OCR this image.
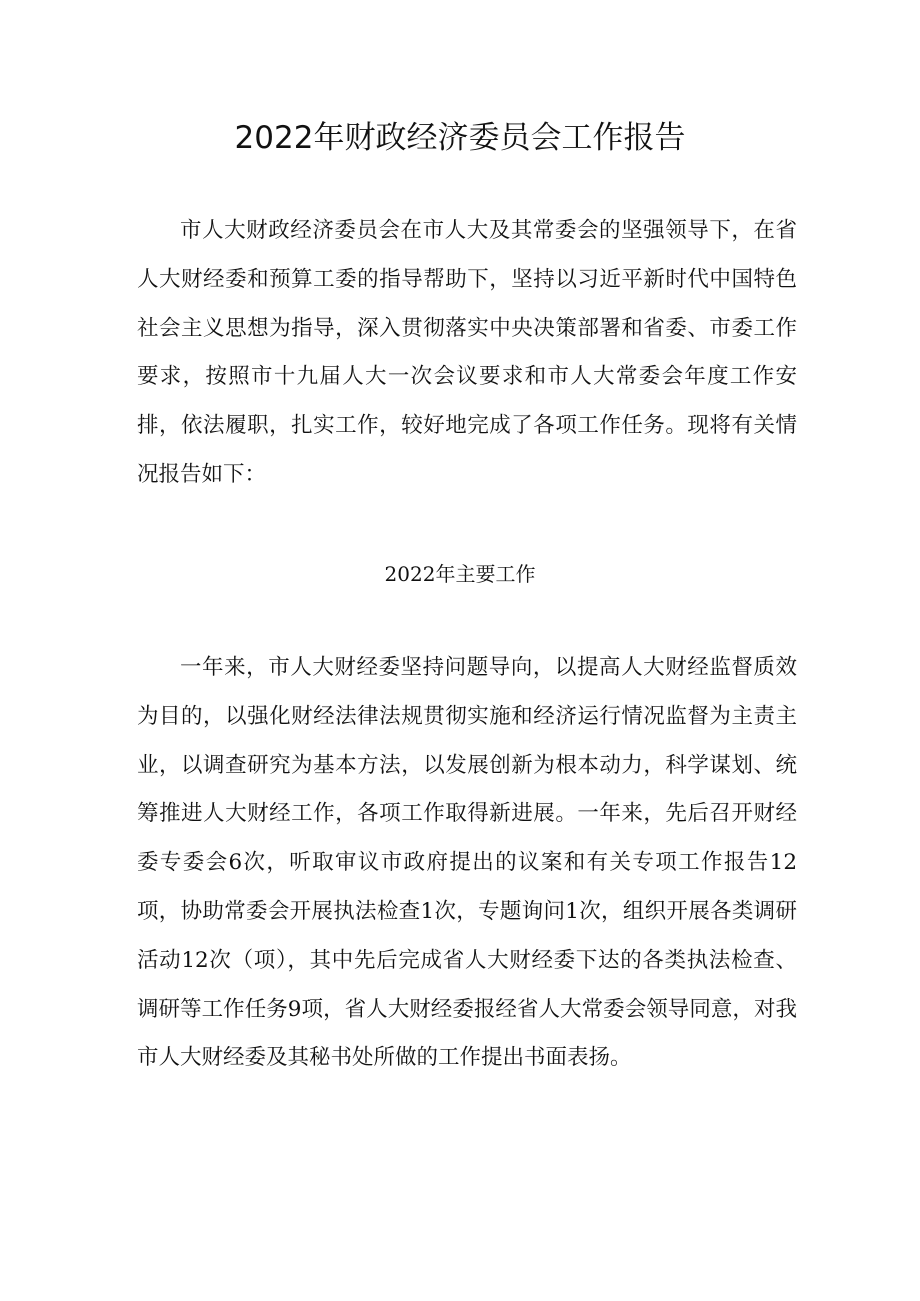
2022年财政经济委员会工作报告

市人大财政经济委员会在市人大及其常委会的坚强领导下，在省人大财经委和预算工委的指导帮助下，坚持以习近平新时代中国特色社会主义思想为指导，深入贯彻落实中央决策部署和省委、市委工作要求，按照市十九届人大一次会议要求和市人大常委会年度工作安排，依法履职，扎实工作，较好地完成了各项工作任务。现将有关情况报告如下：

2022年主要工作

一年来，市人大财经委坚持问题导向，以提高人大财经监督质效为目的，以强化财经法律法规贯彻实施和经济运行情况监督为主责主业，以调查研究为基本方法，以发展创新为根本动力，科学谋划、统筹推进人大财经工作，各项工作取得新进展。一年来，先后召开财经委专委会6次，听取审议市政府提出的议案和有关专项工作报告12项，协助常委会开展执法检查1次，专题询问1次，组织开展各类调研活动12次（项），其中先后完成省人大财经委下达的各类执法检查、调研等工作任务9项，省人大财经委报经省人大常委会领导同意，对我市人大财经委及其秘书处所做的工作提出书面表扬。
